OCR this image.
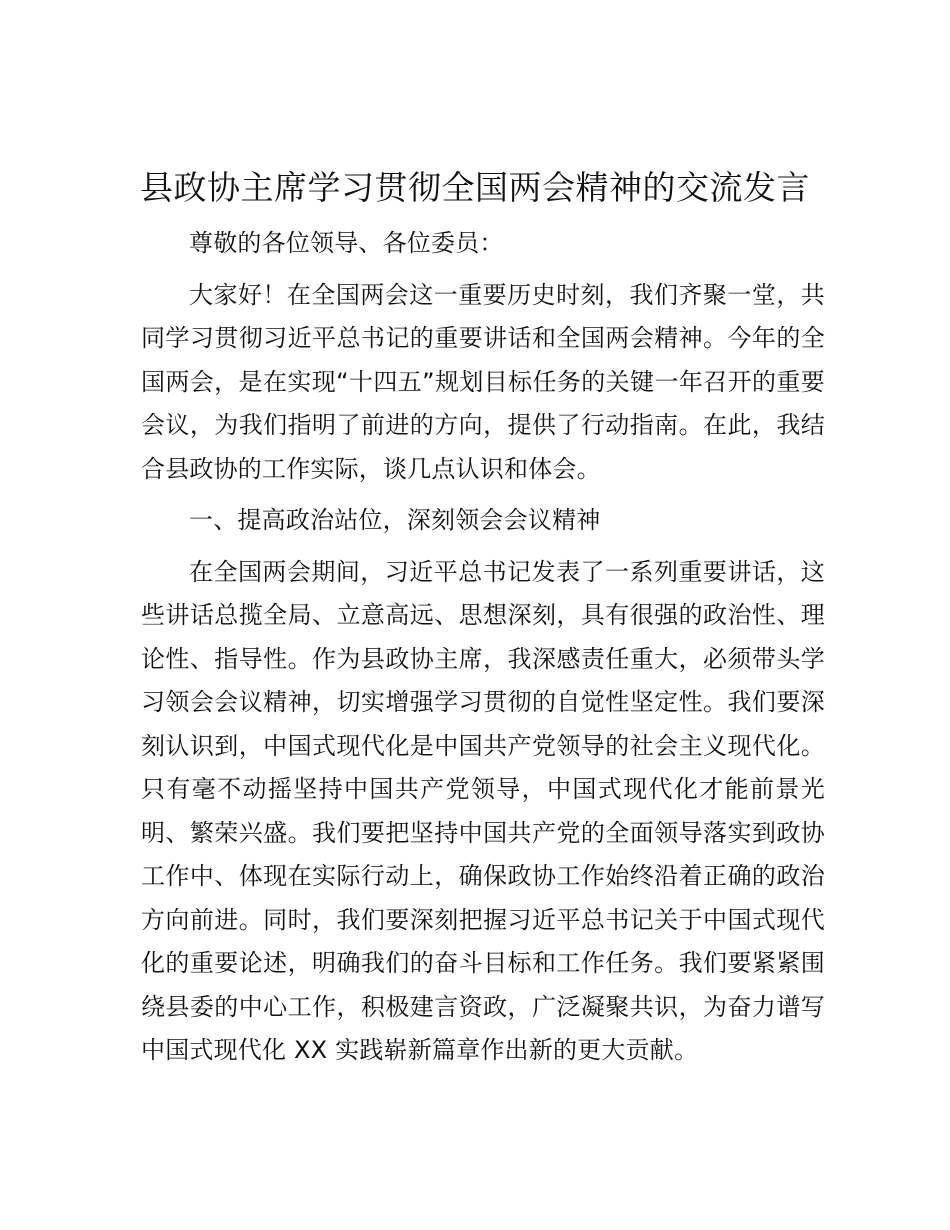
县政协主席学习贯彻全国两会精神的交流发言

尊敬的各位领导、各位委员：

大家好！在全国两会这一重要历史时刻，我们齐聚一堂，共同学习贯彻习近平总书记的重要讲话和全国两会精神。今年的全国两会，是在实现“十四五”规划目标任务的关键一年召开的重要会议，为我们指明了前进的方向，提供了行动指南。在此，我结合县政协的工作实际，谈几点认识和体会。

一、提高政治站位，深刻领会会议精神

在全国两会期间，习近平总书记发表了一系列重要讲话，这些讲话总揽全局、立意高远、思想深刻，具有很强的政治性、理论性、指导性。作为县政协主席，我深感责任重大，必须带头学习领会会议精神，切实增强学习贯彻的自觉性坚定性。我们要深刻认识到，中国式现代化是中国共产党领导的社会主义现代化。只有毫不动摇坚持中国共产党领导，中国式现代化才能前景光明、繁荣兴盛。我们要把坚持中国共产党的全面领导落实到政协工作中、体现在实际行动上，确保政协工作始终沿着正确的政治方向前进。同时，我们要深刻把握习近平总书记关于中国式现代化的重要论述，明确我们的奋斗目标和工作任务。我们要紧紧围绕县委的中心工作，积极建言资政，广泛凝聚共识，为奋力谱写中国式现代化 XX 实践崭新篇章作出新的更大贡献。
